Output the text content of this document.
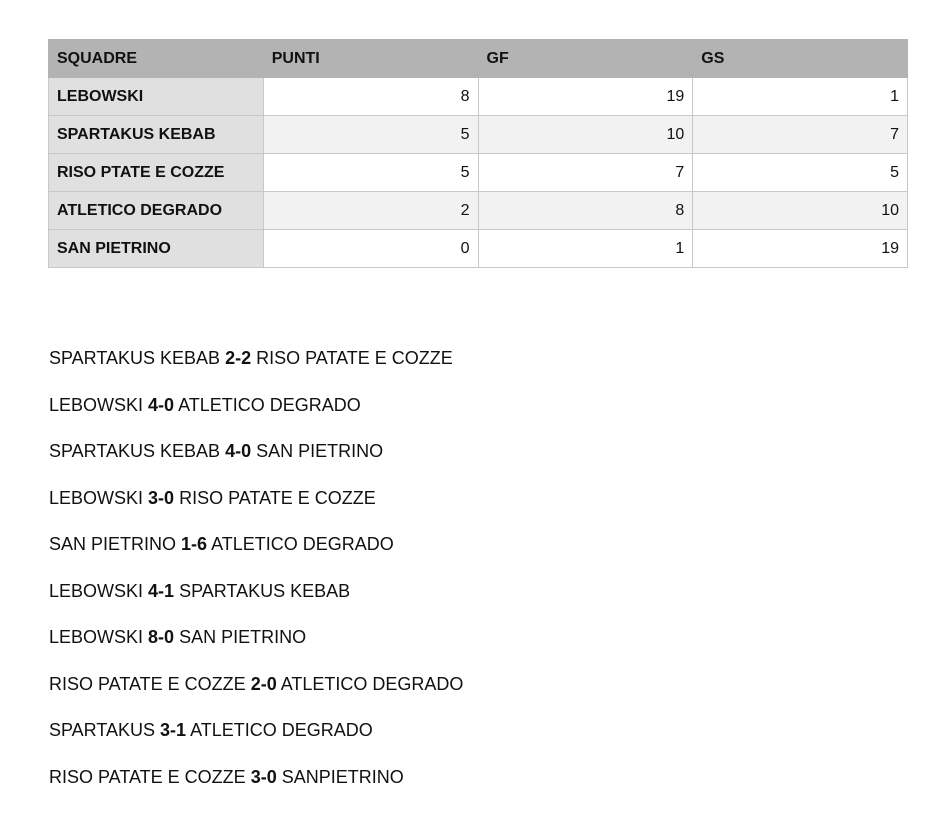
SQUADRE	PUNTI	GF	GS
LEBOWSKI	8	19	1
SPARTAKUS KEBAB	5	10	7
RISO PTATE E COZZE	5	7	5
ATLETICO DEGRADO	2	8	10
SAN PIETRINO	0	1	19
SPARTAKUS KEBAB 2-2 RISO PATATE E COZZE
LEBOWSKI 4-0 ATLETICO DEGRADO
SPARTAKUS KEBAB 4-0 SAN PIETRINO
LEBOWSKI 3-0 RISO PATATE E COZZE
SAN PIETRINO 1-6 ATLETICO DEGRADO
LEBOWSKI 4-1 SPARTAKUS KEBAB
LEBOWSKI 8-0 SAN PIETRINO
RISO PATATE E COZZE 2-0 ATLETICO DEGRADO
SPARTAKUS 3-1 ATLETICO DEGRADO
RISO PATATE E COZZE 3-0 SANPIETRINO
